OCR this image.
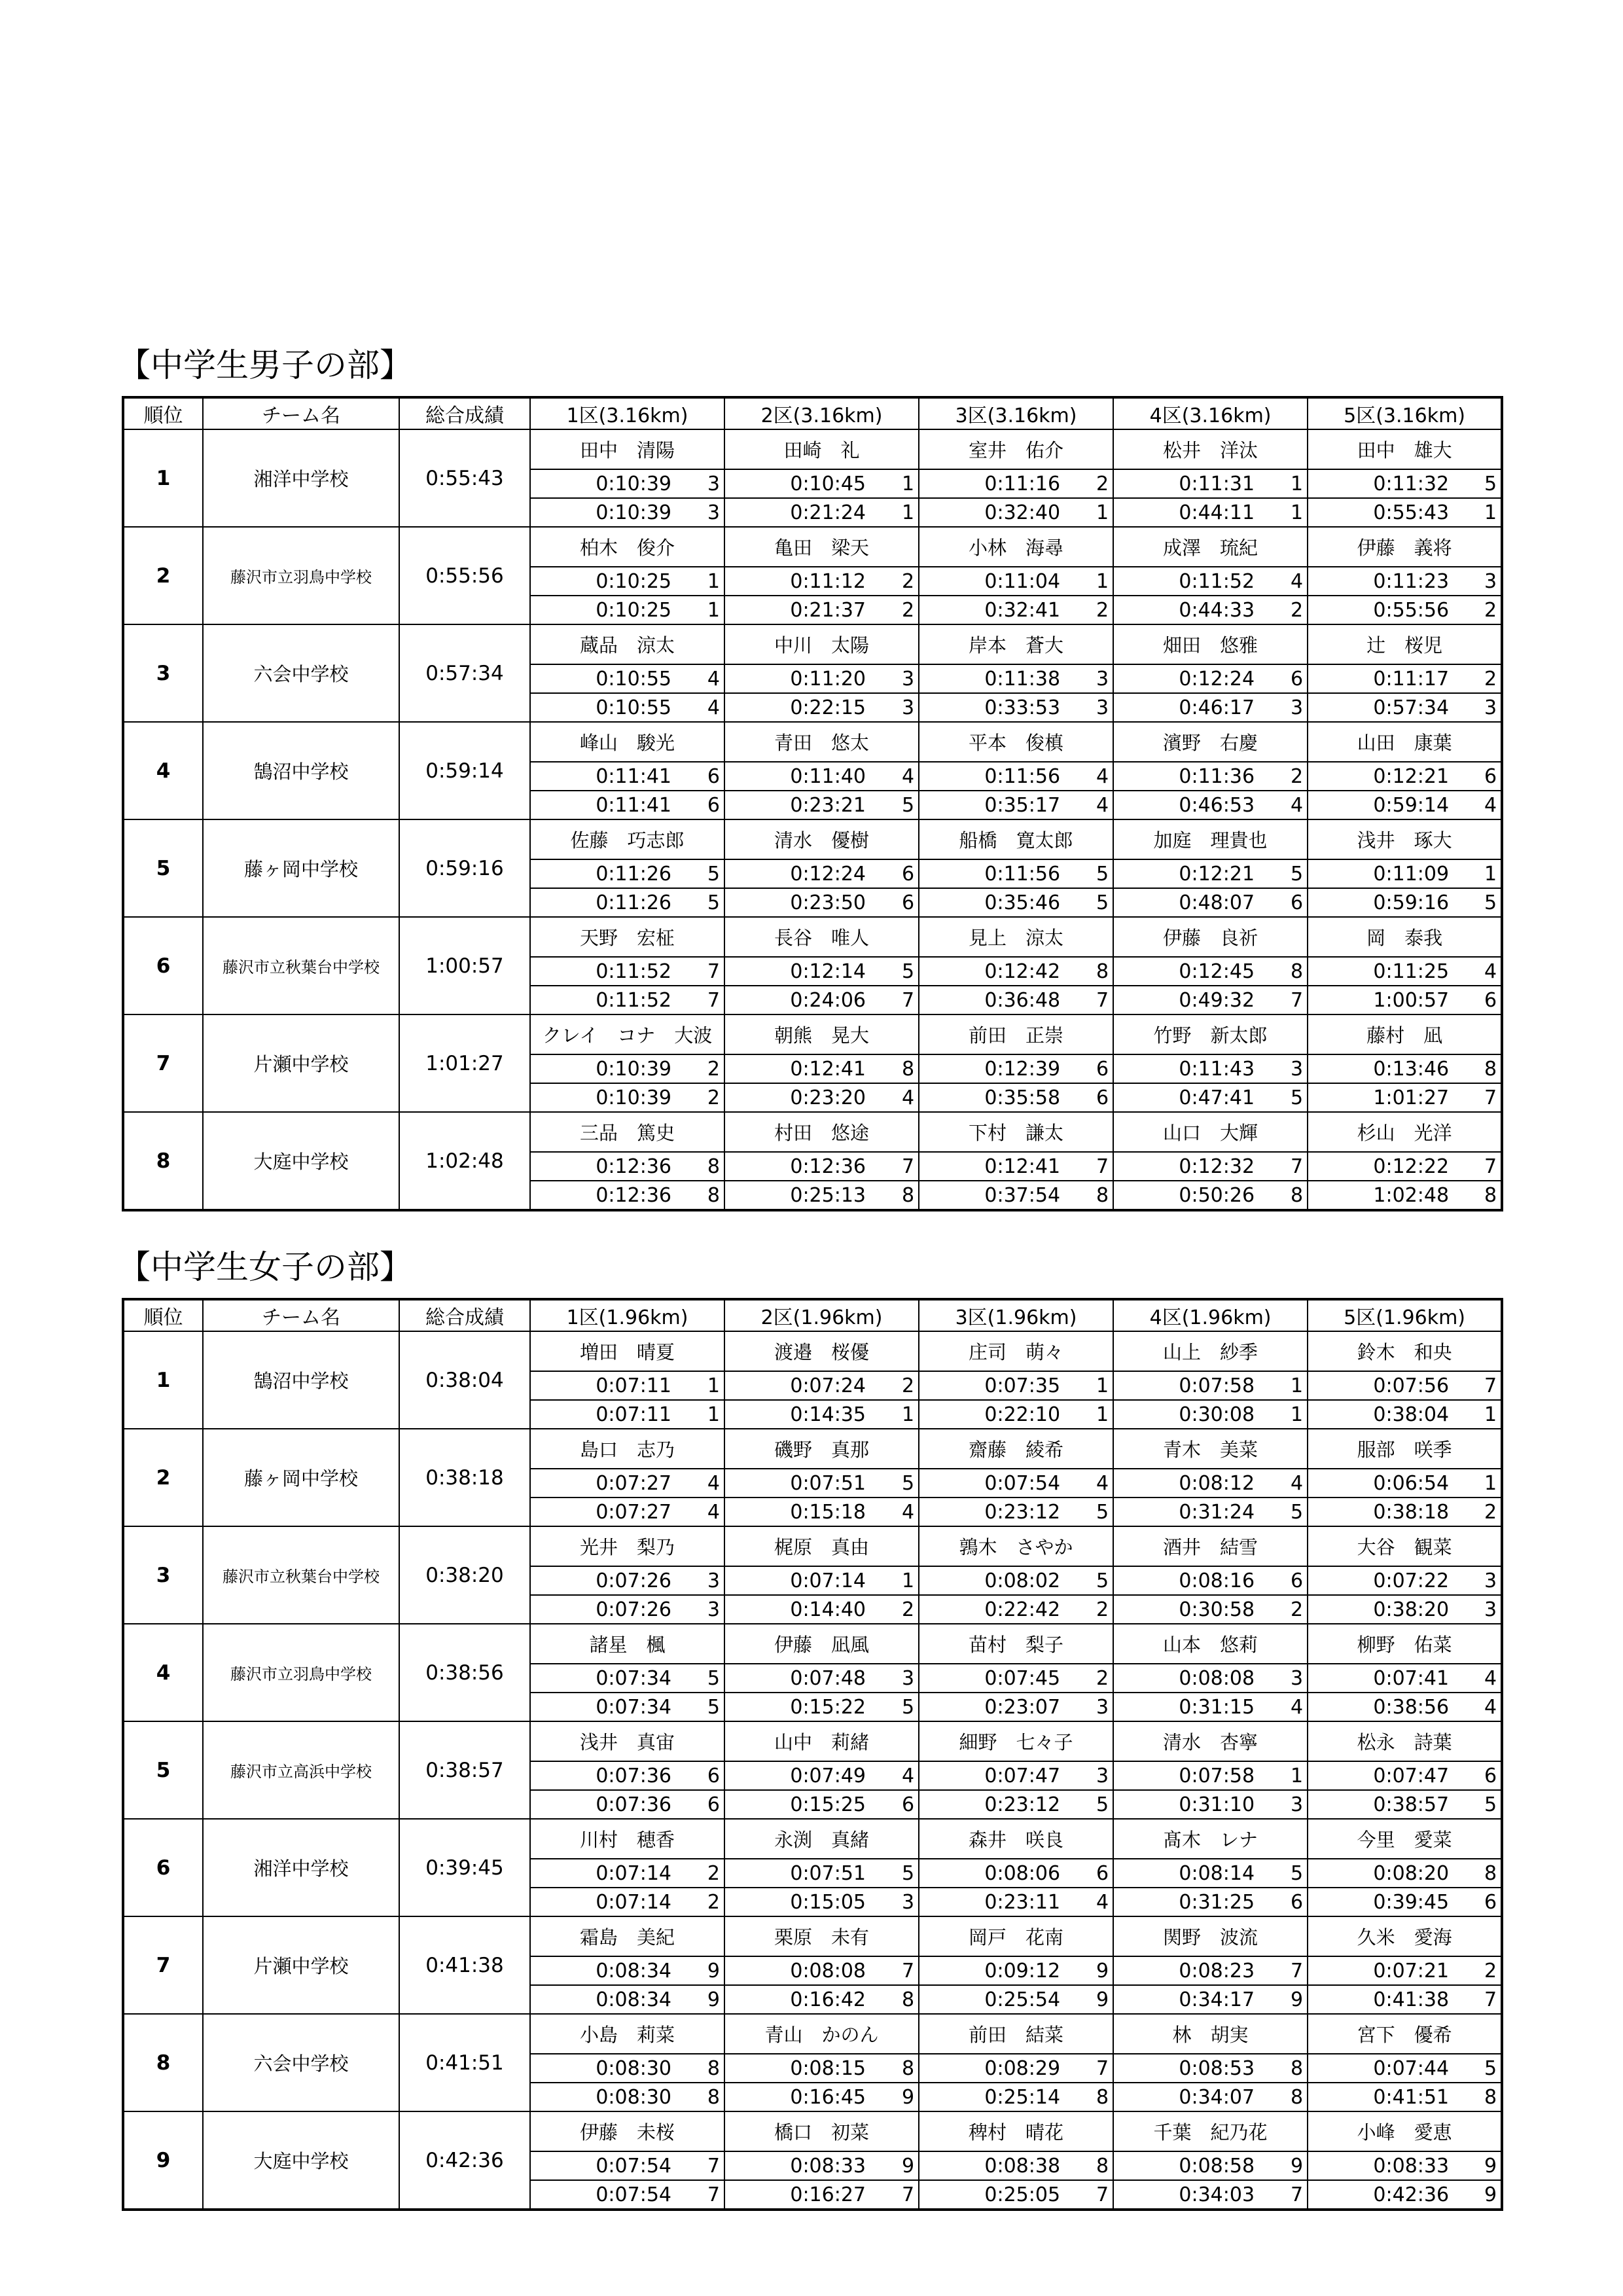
【中学生男子の部】
順位	チーム名	総合成績	1区(3.16km)		2区(3.16km)		3区(3.16km)		4区(3.16km)		5区(3.16km)	
1	湘洋中学校	0:55:43	田中　清陽		田崎　礼		室井　佑介		松井　洋汰		田中　雄大	
			0:10:39	3	0:10:45	1	0:11:16	2	0:11:31	1	0:11:32	5
			0:10:39	3	0:21:24	1	0:32:40	1	0:44:11	1	0:55:43	1
2	藤沢市立羽鳥中学校	0:55:56	柏木　俊介		亀田　梁天		小林　海尋		成澤　琉紀		伊藤　義将	
			0:10:25	1	0:11:12	2	0:11:04	1	0:11:52	4	0:11:23	3
			0:10:25	1	0:21:37	2	0:32:41	2	0:44:33	2	0:55:56	2
3	六会中学校	0:57:34	蔵品　涼太		中川　太陽		岸本　蒼大		畑田　悠雅		辻　桜児	
			0:10:55	4	0:11:20	3	0:11:38	3	0:12:24	6	0:11:17	2
			0:10:55	4	0:22:15	3	0:33:53	3	0:46:17	3	0:57:34	3
4	鵠沼中学校	0:59:14	峰山　駿光		青田　悠太		平本　俊槙		濱野　右慶		山田　康葉	
			0:11:41	6	0:11:40	4	0:11:56	4	0:11:36	2	0:12:21	6
			0:11:41	6	0:23:21	5	0:35:17	4	0:46:53	4	0:59:14	4
5	藤ヶ岡中学校	0:59:16	佐藤　巧志郎		清水　優樹		船橋　寛太郎		加庭　理貴也		浅井　琢大	
			0:11:26	5	0:12:24	6	0:11:56	5	0:12:21	5	0:11:09	1
			0:11:26	5	0:23:50	6	0:35:46	5	0:48:07	6	0:59:16	5
6	藤沢市立秋葉台中学校	1:00:57	天野　宏柾		長谷　唯人		見上　涼太		伊藤　良祈		岡　泰我	
			0:11:52	7	0:12:14	5	0:12:42	8	0:12:45	8	0:11:25	4
			0:11:52	7	0:24:06	7	0:36:48	7	0:49:32	7	1:00:57	6
7	片瀬中学校	1:01:27	クレイ　コナ　大波		朝熊　晃大		前田　正崇		竹野　新太郎		藤村　凪	
			0:10:39	2	0:12:41	8	0:12:39	6	0:11:43	3	0:13:46	8
			0:10:39	2	0:23:20	4	0:35:58	6	0:47:41	5	1:01:27	7
8	大庭中学校	1:02:48	三品　篤史		村田　悠途		下村　謙太		山口　大輝		杉山　光洋	
			0:12:36	8	0:12:36	7	0:12:41	7	0:12:32	7	0:12:22	7
			0:12:36	8	0:25:13	8	0:37:54	8	0:50:26	8	1:02:48	8
【中学生女子の部】
順位	チーム名	総合成績	1区(1.96km)		2区(1.96km)		3区(1.96km)		4区(1.96km)		5区(1.96km)	
1	鵠沼中学校	0:38:04	増田　晴夏		渡邉　桜優		庄司　萌々		山上　紗季		鈴木　和央	
			0:07:11	1	0:07:24	2	0:07:35	1	0:07:58	1	0:07:56	7
			0:07:11	1	0:14:35	1	0:22:10	1	0:30:08	1	0:38:04	1
2	藤ヶ岡中学校	0:38:18	島口　志乃		磯野　真那		齋藤　綾希		青木　美菜		服部　咲季	
			0:07:27	4	0:07:51	5	0:07:54	4	0:08:12	4	0:06:54	1
			0:07:27	4	0:15:18	4	0:23:12	5	0:31:24	5	0:38:18	2
3	藤沢市立秋葉台中学校	0:38:20	光井　梨乃		梶原　真由		鶉木　さやか		酒井　結雪		大谷　観菜	
			0:07:26	3	0:07:14	1	0:08:02	5	0:08:16	6	0:07:22	3
			0:07:26	3	0:14:40	2	0:22:42	2	0:30:58	2	0:38:20	3
4	藤沢市立羽鳥中学校	0:38:56	諸星　楓		伊藤　凪風		苗村　梨子		山本　悠莉		柳野　佑菜	
			0:07:34	5	0:07:48	3	0:07:45	2	0:08:08	3	0:07:41	4
			0:07:34	5	0:15:22	5	0:23:07	3	0:31:15	4	0:38:56	4
5	藤沢市立高浜中学校	0:38:57	浅井　真宙		山中　莉緒		細野　七々子		清水　杏寧		松永　詩葉	
			0:07:36	6	0:07:49	4	0:07:47	3	0:07:58	1	0:07:47	6
			0:07:36	6	0:15:25	6	0:23:12	5	0:31:10	3	0:38:57	5
6	湘洋中学校	0:39:45	川村　穂香		永渕　真緒		森井　咲良		髙木　レナ		今里　愛菜	
			0:07:14	2	0:07:51	5	0:08:06	6	0:08:14	5	0:08:20	8
			0:07:14	2	0:15:05	3	0:23:11	4	0:31:25	6	0:39:45	6
7	片瀬中学校	0:41:38	霜島　美紀		栗原　未有		岡戸　花南		関野　波流		久米　愛海	
			0:08:34	9	0:08:08	7	0:09:12	9	0:08:23	7	0:07:21	2
			0:08:34	9	0:16:42	8	0:25:54	9	0:34:17	9	0:41:38	7
8	六会中学校	0:41:51	小島　莉菜		青山　かのん		前田　結菜		林　胡実		宮下　優希	
			0:08:30	8	0:08:15	8	0:08:29	7	0:08:53	8	0:07:44	5
			0:08:30	8	0:16:45	9	0:25:14	8	0:34:07	8	0:41:51	8
9	大庭中学校	0:42:36	伊藤　未桜		橋口　初菜		稗村　晴花		千葉　紀乃花		小峰　愛恵	
			0:07:54	7	0:08:33	9	0:08:38	8	0:08:58	9	0:08:33	9
			0:07:54	7	0:16:27	7	0:25:05	7	0:34:03	7	0:42:36	9
